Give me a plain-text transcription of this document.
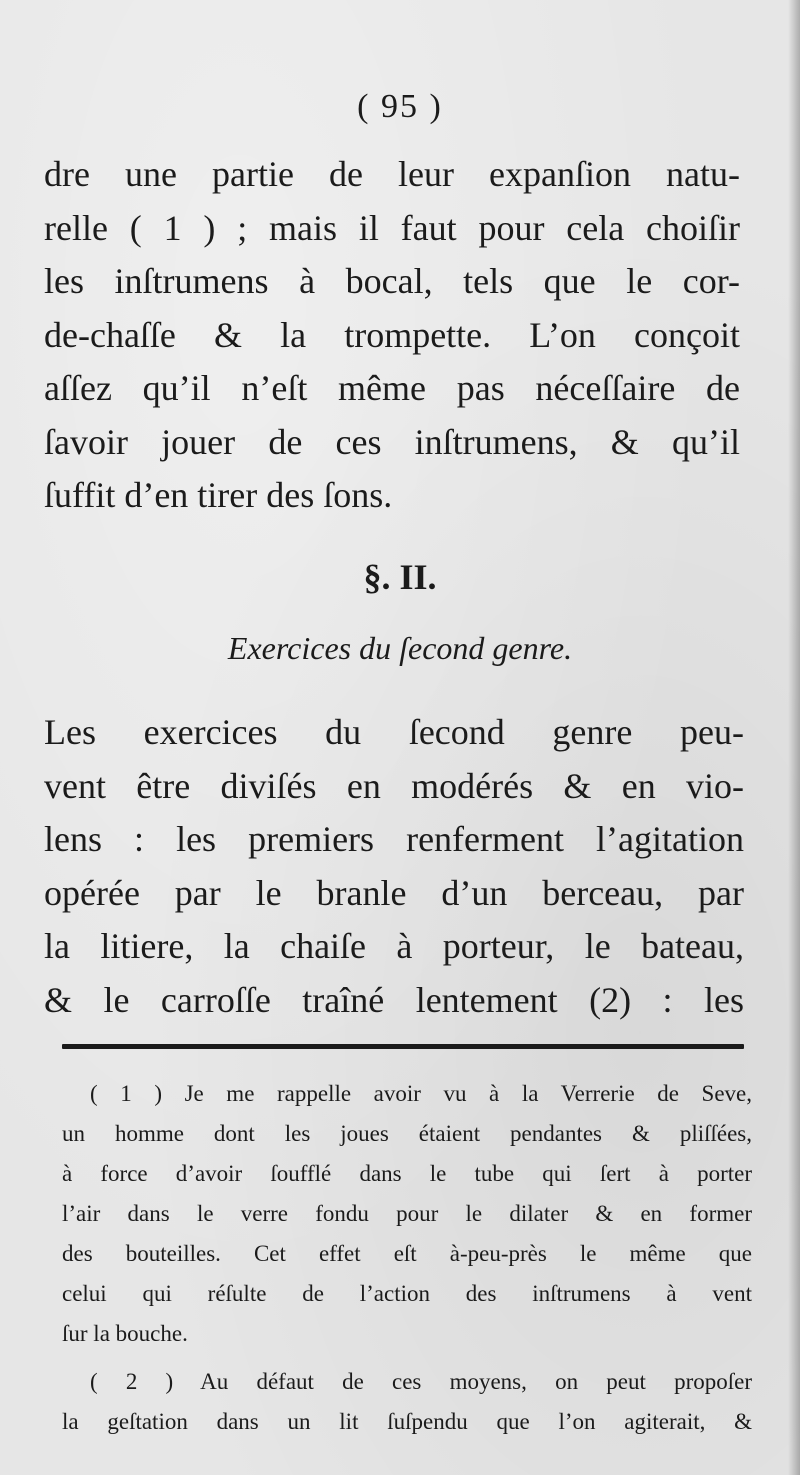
( 95 )
dre une partie de leur expanſion natu-
relle ( 1 ) ; mais il faut pour cela choiſir
les inſtrumens à bocal, tels que le cor-
de-chaſſe & la trompette. L’on conçoit
aſſez qu’il n’eſt même pas néceſſaire de
ſavoir jouer de ces inſtrumens, & qu’il
ſuffit d’en tirer des ſons.
§. II.
Exercices du ſecond genre.
Les exercices du ſecond genre peu-
vent être diviſés en modérés & en vio-
lens : les premiers renferment l’agitation
opérée par le branle d’un berceau, par
la litiere, la chaiſe à porteur, le bateau,
& le carroſſe traîné lentement (2) : les
( 1 ) Je me rappelle avoir vu à la Verrerie de Seve,
un homme dont les joues étaient pendantes & pliſſées,
à force d’avoir ſoufflé dans le tube qui ſert à porter
l’air dans le verre fondu pour le dilater & en former
des bouteilles. Cet effet eſt à-peu-près le même que
celui qui réſulte de l’action des inſtrumens à vent
ſur la bouche.
( 2 ) Au défaut de ces moyens, on peut propoſer
la geſtation dans un lit ſuſpendu que l’on agiterait, &
